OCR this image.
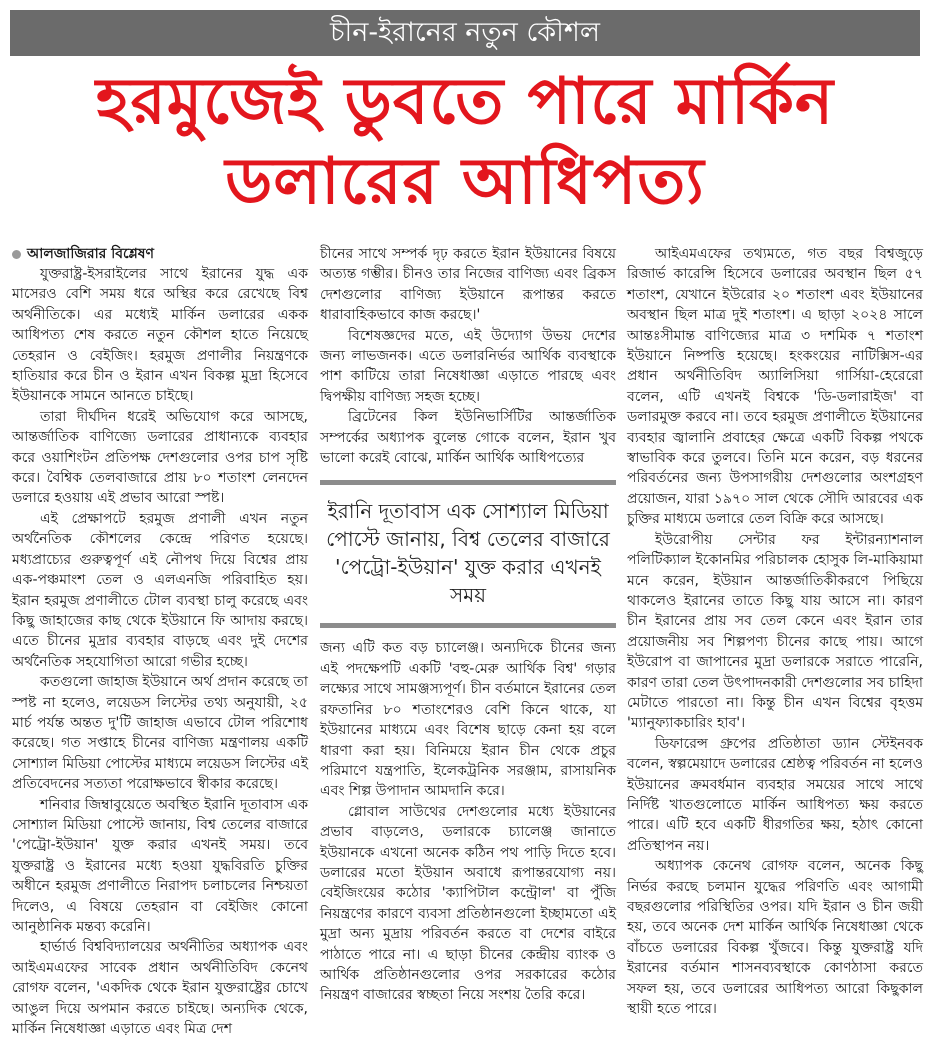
চীন-ইরানের নতুন কৌশল
হরমুজেই ডুবতে পারে মার্কিন
ডলারের আধিপত্য
আলজাজিরার বিশ্লেষণ

যুক্তরাষ্ট্র-ইসরাইলের সাথে ইরানের যুদ্ধ এক মাসেরও বেশি সময় ধরে অস্থির করে রেখেছে বিশ্ব অর্থনীতিকে। এর মধ্যেই মার্কিন ডলারের একক আধিপত্য শেষ করতে নতুন কৌশল হাতে নিয়েছে তেহরান ও বেইজিং। হরমুজ প্রণালীর নিয়ন্ত্রণকে হাতিয়ার করে চীন ও ইরান এখন বিকল্প মুদ্রা হিসেবে ইউয়ানকে সামনে আনতে চাইছে।

তারা দীর্ঘদিন ধরেই অভিযোগ করে আসছে, আন্তর্জাতিক বাণিজ্যে ডলারের প্রাধান্যকে ব্যবহার করে ওয়াশিংটন প্রতিপক্ষ দেশগুলোর ওপর চাপ সৃষ্টি করে। বৈশ্বিক তেলবাজারে প্রায় ৮০ শতাংশ লেনদেন ডলারে হওয়ায় এই প্রভাব আরো স্পষ্ট।

এই প্রেক্ষাপটে হরমুজ প্রণালী এখন নতুন অর্থনৈতিক কৌশলের কেন্দ্রে পরিণত হয়েছে। মধ্যপ্রাচ্যের গুরুত্বপূর্ণ এই নৌপথ দিয়ে বিশ্বের প্রায় এক-পঞ্চমাংশ তেল ও এলএনজি পরিবাহিত হয়। ইরান হরমুজ প্রণালীতে টোল ব্যবস্থা চালু করেছে এবং কিছু জাহাজের কাছ থেকে ইউয়ানে ফি আদায় করছে। এতে চীনের মুদ্রার ব্যবহার বাড়ছে এবং দুই দেশের অর্থনৈতিক সহযোগিতা আরো গভীর হচ্ছে।

কতগুলো জাহাজ ইউয়ানে অর্থ প্রদান করেছে তা স্পষ্ট না হলেও, লয়েডস লিস্টের তথ্য অনুযায়ী, ২৫ মার্চ পর্যন্ত অন্তত দু'টি জাহাজ এভাবে টোল পরিশোধ করেছে। গত সপ্তাহে চীনের বাণিজ্য মন্ত্রণালয় একটি সোশ্যাল মিডিয়া পোস্টের মাধ্যমে লয়েডস লিস্টের এই প্রতিবেদনের সত্যতা পরোক্ষভাবে স্বীকার করেছে।

শনিবার জিম্বাবুয়েতে অবস্থিত ইরানি দূতাবাস এক সোশ্যাল মিডিয়া পোস্টে জানায়, বিশ্ব তেলের বাজারে 'পেট্রো-ইউয়ান' যুক্ত করার এখনই সময়। তবে যুক্তরাষ্ট্র ও ইরানের মধ্যে হওয়া যুদ্ধবিরতি চুক্তির অধীনে হরমুজ প্রণালীতে নিরাপদ চলাচলের নিশ্চয়তা দিলেও, এ বিষয়ে তেহরান বা বেইজিং কোনো আনুষ্ঠানিক মন্তব্য করেনি।

হার্ভার্ড বিশ্ববিদ্যালয়ের অর্থনীতির অধ্যাপক এবং আইএমএফের সাবেক প্রধান অর্থনীতিবিদ কেনেথ রোগফ বলেন, 'একদিক থেকে ইরান যুক্তরাষ্ট্রের চোখে আঙুল দিয়ে অপমান করতে চাইছে। অন্যদিক থেকে, মার্কিন নিষেধাজ্ঞা এড়াতে এবং মিত্র দেশ

চীনের সাথে সম্পর্ক দৃঢ় করতে ইরান ইউয়ানের বিষয়ে অত্যন্ত গম্ভীর। চীনও তার নিজের বাণিজ্য এবং ব্রিকস দেশগুলোর বাণিজ্য ইউয়ানে রূপান্তর করতে ধারাবাহিকভাবে কাজ করছে।'

বিশেষজ্ঞদের মতে, এই উদ্যোগ উভয় দেশের জন্য লাভজনক। এতে ডলারনির্ভর আর্থিক ব্যবস্থাকে পাশ কাটিয়ে তারা নিষেধাজ্ঞা এড়াতে পারছে এবং দ্বিপক্ষীয় বাণিজ্য সহজ হচ্ছে।

ব্রিটেনের কিল ইউনিভার্সিটির আন্তর্জাতিক সম্পর্কের অধ্যাপক বুলেন্ত গোকে বলেন, ইরান খুব ভালো করেই বোঝে, মার্কিন আর্থিক আধিপত্যের

ইরানি দূতাবাস এক সোশ্যাল মিডিয়া পোস্টে জানায়, বিশ্ব তেলের বাজারে 'পেট্রো-ইউয়ান' যুক্ত করার এখনই সময়

জন্য এটি কত বড় চ্যালেঞ্জ। অন্যদিকে চীনের জন্য এই পদক্ষেপটি একটি 'বহু-মেরু আর্থিক বিশ্ব' গড়ার লক্ষ্যের সাথে সামঞ্জস্যপূর্ণ। চীন বর্তমানে ইরানের তেল রফতানির ৮০ শতাংশেরও বেশি কিনে থাকে, যা ইউয়ানের মাধ্যমে এবং বিশেষ ছাড়ে কেনা হয় বলে ধারণা করা হয়। বিনিময়ে ইরান চীন থেকে প্রচুর পরিমাণে যন্ত্রপাতি, ইলেকট্রনিক সরঞ্জাম, রাসায়নিক এবং শিল্প উপাদান আমদানি করে।

গ্লোবাল সাউথের দেশগুলোর মধ্যে ইউয়ানের প্রভাব বাড়লেও, ডলারকে চ্যালেঞ্জ জানাতে ইউয়ানকে এখনো অনেক কঠিন পথ পাড়ি দিতে হবে। ডলারের মতো ইউয়ান অবাধে রূপান্তরযোগ্য নয়। বেইজিংয়ের কঠোর 'ক্যাপিটাল কন্ট্রোল' বা পুঁজি নিয়ন্ত্রণের কারণে ব্যবসা প্রতিষ্ঠানগুলো ইচ্ছামতো এই মুদ্রা অন্য মুদ্রায় পরিবর্তন করতে বা দেশের বাইরে পাঠাতে পারে না। এ ছাড়া চীনের কেন্দ্রীয় ব্যাংক ও আর্থিক প্রতিষ্ঠানগুলোর ওপর সরকারের কঠোর নিয়ন্ত্রণ বাজারের স্বচ্ছতা নিয়ে সংশয় তৈরি করে।

আইএমএফের তথ্যমতে, গত বছর বিশ্বজুড়ে রিজার্ভ কারেন্সি হিসেবে ডলারের অবস্থান ছিল ৫৭ শতাংশ, যেখানে ইউরোর ২০ শতাংশ এবং ইউয়ানের অবস্থান ছিল মাত্র দুই শতাংশ। এ ছাড়া ২০২৪ সালে আন্তঃসীমান্ত বাণিজ্যের মাত্র ৩ দশমিক ৭ শতাংশ ইউয়ানে নিষ্পত্তি হয়েছে। হংকংয়ের নাটিক্সিস-এর প্রধান অর্থনীতিবিদ অ্যালিসিয়া গার্সিয়া-হেরেরো বলেন, এটি এখনই বিশ্বকে 'ডি-ডলারাইজ' বা ডলারমুক্ত করবে না। তবে হরমুজ প্রণালীতে ইউয়ানের ব্যবহার জ্বালানি প্রবাহের ক্ষেত্রে একটি বিকল্প পথকে স্বাভাবিক করে তুলবে। তিনি মনে করেন, বড় ধরনের পরিবর্তনের জন্য উপসাগরীয় দেশগুলোর অংশগ্রহণ প্রয়োজন, যারা ১৯৭০ সাল থেকে সৌদি আরবের এক চুক্তির মাধ্যমে ডলারে তেল বিক্রি করে আসছে।

ইউরোপীয় সেন্টার ফর ইন্টারন্যাশনাল পলিটিক্যাল ইকোনমির পরিচালক হোসুক লি-মাকিয়ামা মনে করেন, ইউয়ান আন্তর্জাতিকীকরণে পিছিয়ে থাকলেও ইরানের তাতে কিছু যায় আসে না। কারণ চীন ইরানের প্রায় সব তেল কেনে এবং ইরান তার প্রয়োজনীয় সব শিল্পপণ্য চীনের কাছে পায়। আগে ইউরোপ বা জাপানের মুদ্রা ডলারকে সরাতে পারেনি, কারণ তারা তেল উৎপাদনকারী দেশগুলোর সব চাহিদা মেটাতে পারতো না। কিন্তু চীন এখন বিশ্বের বৃহত্তম 'ম্যানুফ্যাকচারিং হাব'।

ডিফারেন্স গ্রুপের প্রতিষ্ঠাতা ড্যান স্টেইনবক বলেন, স্বল্পমেয়াদে ডলারের শ্রেষ্ঠত্ব পরিবর্তন না হলেও ইউয়ানের ক্রমবর্ধমান ব্যবহার সময়ের সাথে সাথে নির্দিষ্ট খাতগুলোতে মার্কিন আধিপত্য ক্ষয় করতে পারে। এটি হবে একটি ধীরগতির ক্ষয়, হঠাৎ কোনো প্রতিস্থাপন নয়।

অধ্যাপক কেনেথ রোগফ বলেন, অনেক কিছু নির্ভর করছে চলমান যুদ্ধের পরিণতি এবং আগামী বছরগুলোর পরিস্থিতির ওপর। যদি ইরান ও চীন জয়ী হয়, তবে অনেক দেশ মার্কিন আর্থিক নিষেধাজ্ঞা থেকে বাঁচতে ডলারের বিকল্প খুঁজবে। কিন্তু যুক্তরাষ্ট্র যদি ইরানের বর্তমান শাসনব্যবস্থাকে কোণঠাসা করতে সফল হয়, তবে ডলারের আধিপত্য আরো কিছুকাল স্থায়ী হতে পারে।
